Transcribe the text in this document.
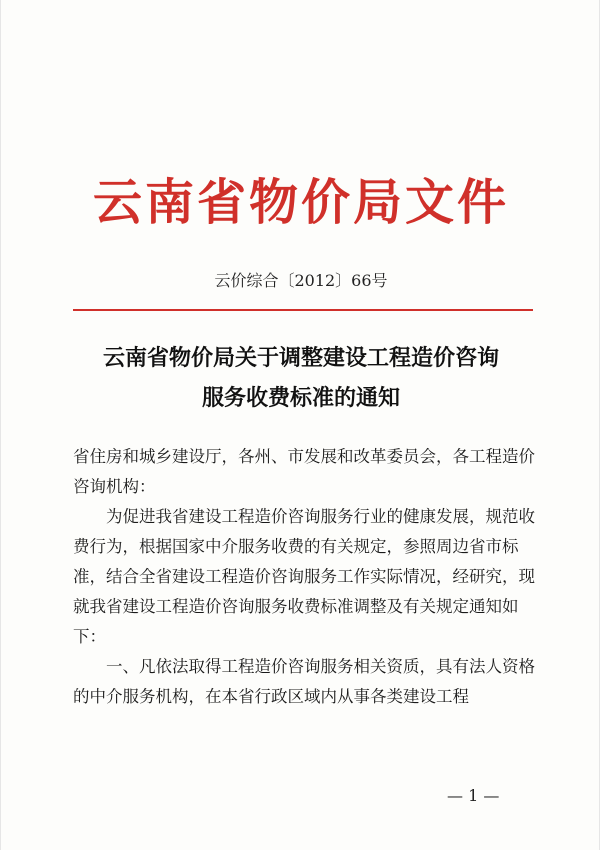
云南省物价局文件
云价综合〔2012〕66号
云南省物价局关于调整建设工程造价咨询
服务收费标准的通知

省住房和城乡建设厅，各州、市发展和改革委员会，各工程造价咨询机构：

为促进我省建设工程造价咨询服务行业的健康发展，规范收费行为，根据国家中介服务收费的有关规定，参照周边省市标准，结合全省建设工程造价咨询服务工作实际情况，经研究，现就我省建设工程造价咨询服务收费标准调整及有关规定通知如下：

一、凡依法取得工程造价咨询服务相关资质，具有法人资格的中介服务机构，在本省行政区域内从事各类建设工程

— 1 —
